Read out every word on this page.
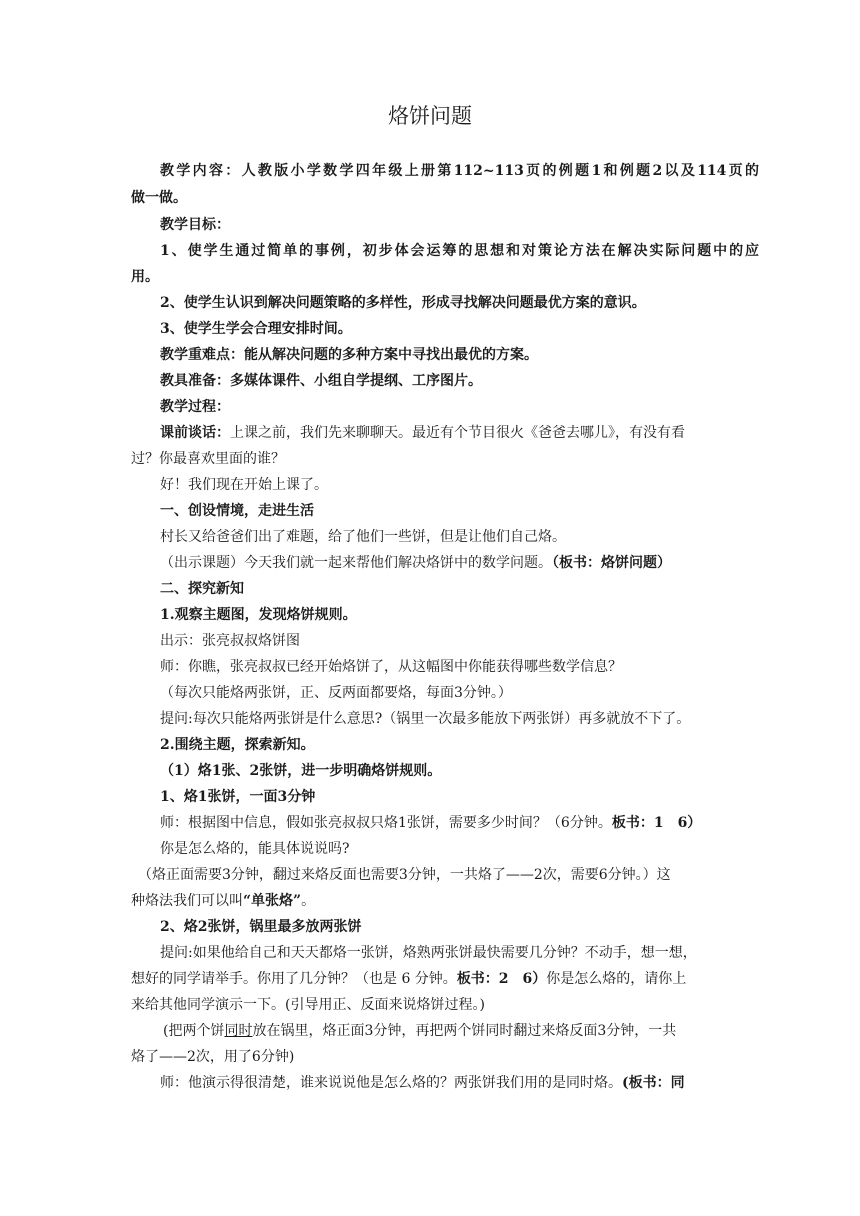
烙饼问题

教学内容：人教版小学数学四年级上册第112~113页的例题1和例题2以及114页的

做一做。

教学目标：

1、使学生通过简单的事例，初步体会运筹的思想和对策论方法在解决实际问题中的应

用。

2、使学生认识到解决问题策略的多样性，形成寻找解决问题最优方案的意识。

3、使学生学会合理安排时间。

教学重难点：能从解决问题的多种方案中寻找出最优的方案。

教具准备：多媒体课件、小组自学提纲、工序图片。

教学过程：

课前谈话：上课之前，我们先来聊聊天。最近有个节目很火《爸爸去哪儿》，有没有看

过？你最喜欢里面的谁？

好！我们现在开始上课了。

一、创设情境，走进生活

村长又给爸爸们出了难题，给了他们一些饼，但是让他们自己烙。

（出示课题）今天我们就一起来帮他们解决烙饼中的数学问题。（板书：烙饼问题）

二、探究新知

1.观察主题图，发现烙饼规则。

出示：张亮叔叔烙饼图

师：你瞧，张亮叔叔已经开始烙饼了，从这幅图中你能获得哪些数学信息？

（每次只能烙两张饼，正、反两面都要烙，每面3分钟。）

提问:每次只能烙两张饼是什么意思?（锅里一次最多能放下两张饼）再多就放不下了。

2.围绕主题，探索新知。

（1）烙1张、2张饼，进一步明确烙饼规则。

1、烙1张饼，一面3分钟

师：根据图中信息，假如张亮叔叔只烙1张饼，需要多少时间？（6分钟。板书：1　6）

你是怎么烙的，能具体说说吗?

（烙正面需要3分钟，翻过来烙反面也需要3分钟，一共烙了——2次，需要6分钟。）这

种烙法我们可以叫“单张烙”。

2、烙2张饼，锅里最多放两张饼

提问:如果他给自己和天天都烙一张饼，烙熟两张饼最快需要几分钟？不动手，想一想，

想好的同学请举手。你用了几分钟？（也是 6 分钟。板书：2　6）你是怎么烙的，请你上

来给其他同学演示一下。(引导用正、反面来说烙饼过程。)

(把两个饼同时放在锅里，烙正面3分钟，再把两个饼同时翻过来烙反面3分钟，一共

烙了——2次，用了6分钟)

师：他演示得很清楚，谁来说说他是怎么烙的？两张饼我们用的是同时烙。(板书：同
